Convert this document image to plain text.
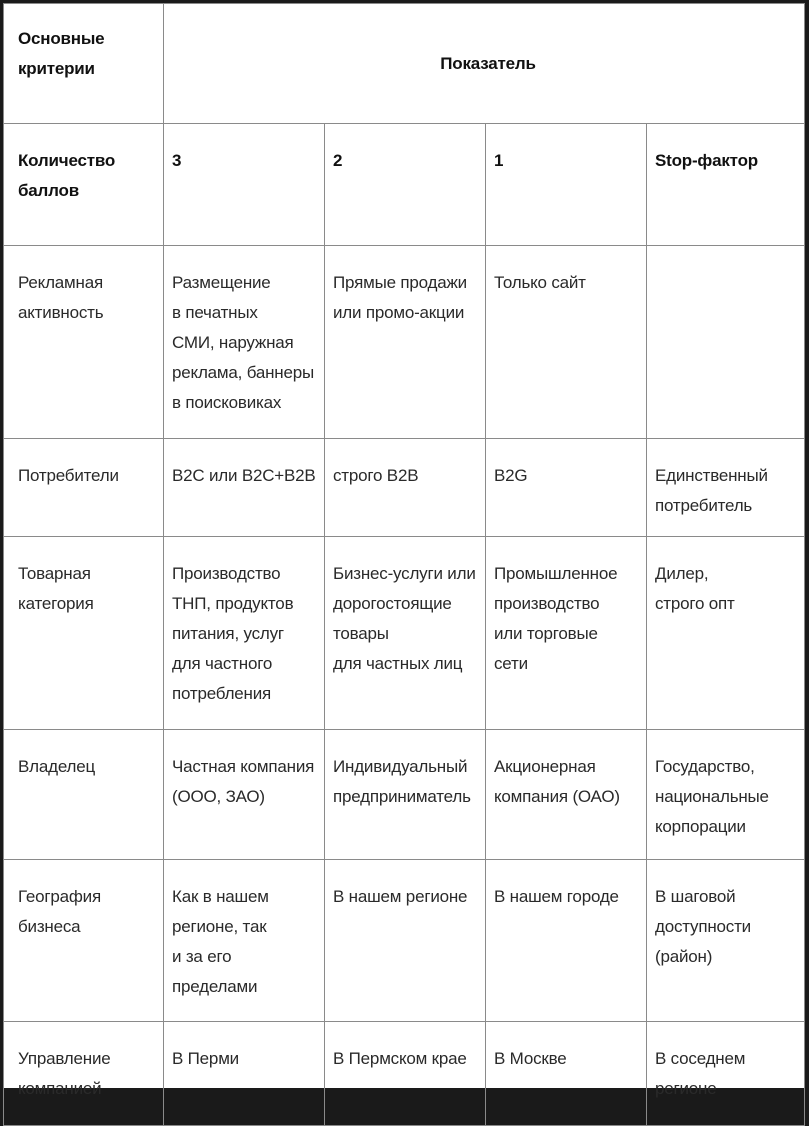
Основные
критерии	Показатель			

Количество
баллов	3	2	1	Stop-фактор

Рекламная
активность	Размещение
в печатных
СМИ, наружная
реклама, баннеры
в поисковиках	Прямые продажи
или промо-акции	Только сайт	

Потребители	B2C или B2C+B2B	строго B2B	B2G	Единственный
потребитель

Товарная
категория	Производство
ТНП, продуктов
питания, услуг
для частного
потребления	Бизнес-услуги или
дорогостоящие
товары
для частных лиц	Промышленное
производство
или торговые
сети	Дилер,
строго опт

Владелец	Частная компания
(ООО, ЗАО)	Индивидуальный
предприниматель	Акционерная
компания (ОАО)	Государство,
национальные
корпорации

География
бизнеса	Как в нашем
регионе, так
и за его
пределами	В нашем регионе	В нашем городе	В шаговой
доступности
(район)

Управление
компанией	В Перми	В Пермском крае	В Москве	В соседнем
регионе
